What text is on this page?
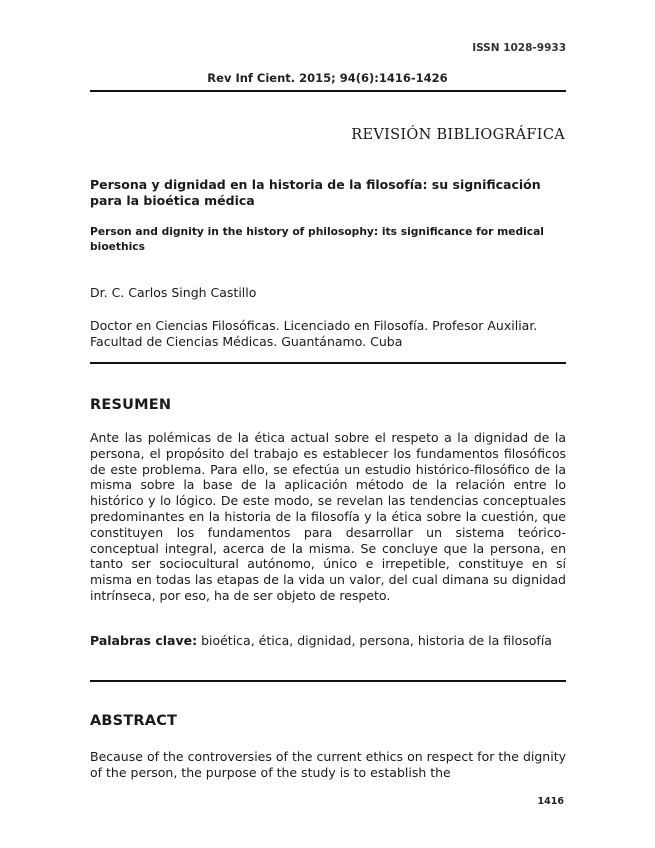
ISSN 1028-9933
Rev Inf Cient. 2015; 94(6):1416-1426
REVISIÓN BIBLIOGRÁFICA
Persona y dignidad en la historia de la filosofía: su significación para la bioética médica
Person and dignity in the history of philosophy: its significance for medical bioethics
Dr. C. Carlos Singh Castillo
Doctor en Ciencias Filosóficas. Licenciado en Filosofía. Profesor Auxiliar. Facultad de Ciencias Médicas. Guantánamo. Cuba
RESUMEN
Ante las polémicas de la ética actual sobre el respeto a la dignidad de la persona, el propósito del trabajo es establecer los fundamentos filosóficos de este problema. Para ello, se efectúa un estudio histórico-filosófico de la misma sobre la base de la aplicación método de la relación entre lo histórico y lo lógico. De este modo, se revelan las tendencias conceptuales predominantes en la historia de la filosofía y la ética sobre la cuestión, que constituyen los fundamentos para desarrollar un sistema teórico-conceptual integral, acerca de la misma. Se concluye que la persona, en tanto ser sociocultural autónomo, único e irrepetible, constituye en sí misma en todas las etapas de la vida un valor, del cual dimana su dignidad intrínseca, por eso, ha de ser objeto de respeto.
Palabras clave: bioética, ética, dignidad, persona, historia de la filosofía
ABSTRACT
Because of the controversies of the current ethics on respect for the dignity of the person, the purpose of the study is to establish the
1416
